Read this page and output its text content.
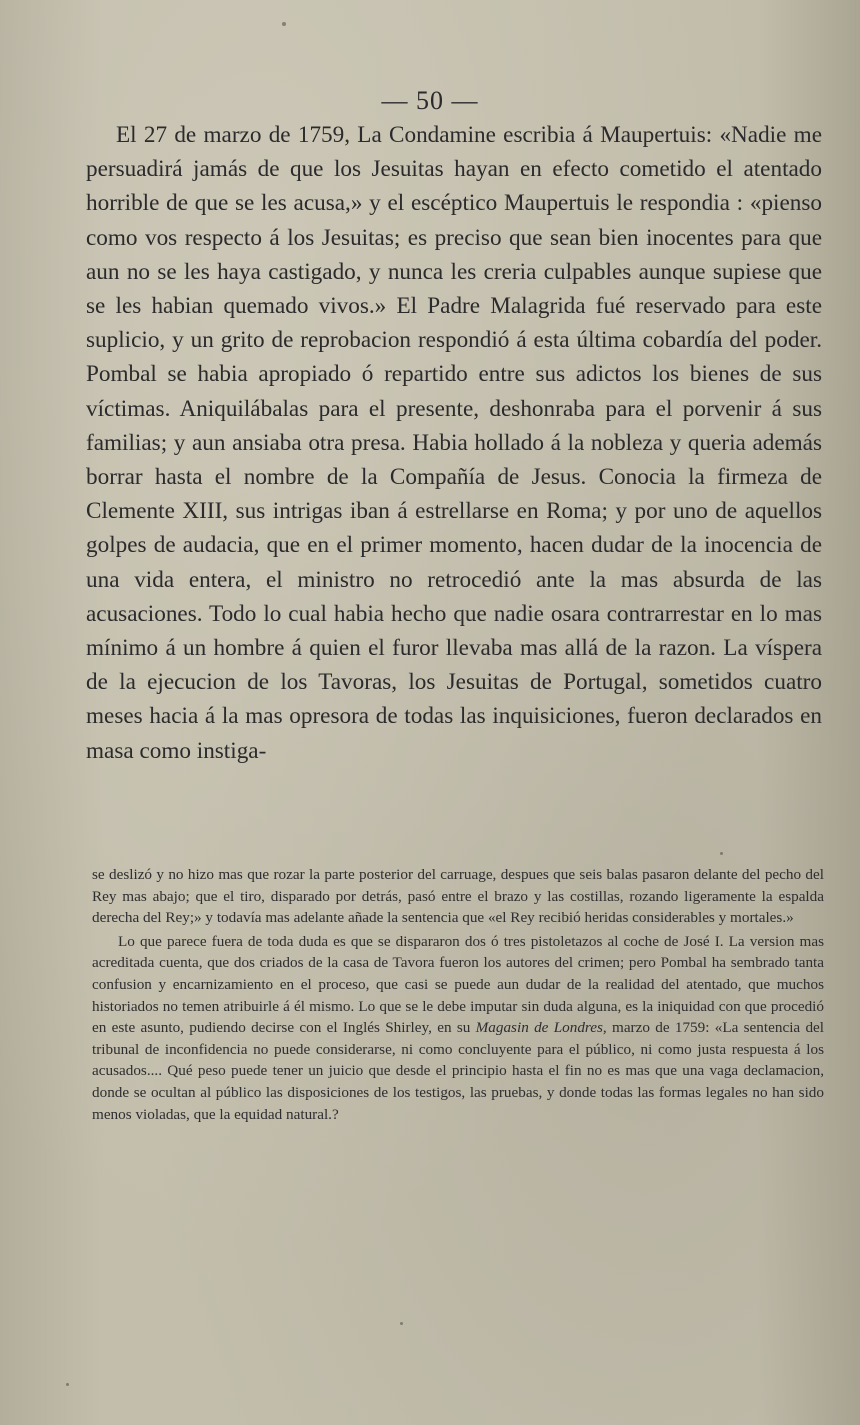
— 50 —

El 27 de marzo de 1759, La Condamine escribia á Maupertuis: «Nadie me persuadirá jamás de que los Jesuitas hayan en efecto cometido el atentado horrible de que se les acusa,» y el escéptico Maupertuis le respondia : «pienso como vos respecto á los Jesuitas; es preciso que sean bien inocentes para que aun no se les haya castigado, y nunca les creria culpables aunque supiese que se les habian quemado vivos.» El Padre Malagrida fué reservado para este suplicio, y un grito de reprobacion respondió á esta última cobardía del poder. Pombal se habia apropiado ó repartido entre sus adictos los bienes de sus víctimas. Aniquilábalas para el presente, deshonraba para el porvenir á sus familias; y aun ansiaba otra presa. Habia hollado á la nobleza y queria además borrar hasta el nombre de la Compañía de Jesus. Conocia la firmeza de Clemente XIII, sus intrigas iban á estrellarse en Roma; y por uno de aquellos golpes de audacia, que en el primer momento, hacen dudar de la inocencia de una vida entera, el ministro no retrocedió ante la mas absurda de las acusaciones. Todo lo cual habia hecho que nadie osara contrarrestar en lo mas mínimo á un hombre á quien el furor llevaba mas allá de la razon. La víspera de la ejecucion de los Tavoras, los Jesuitas de Portugal, sometidos cuatro meses hacia á la mas opresora de todas las inquisiciones, fueron declarados en masa como instiga-

se deslizó y no hizo mas que rozar la parte posterior del carruage, despues que seis balas pasaron delante del pecho del Rey mas abajo; que el tiro, disparado por detrás, pasó entre el brazo y las costillas, rozando ligeramente la espalda derecha del Rey;» y todavía mas adelante añade la sentencia que «el Rey recibió heridas considerables y mortales.»

Lo que parece fuera de toda duda es que se dispararon dos ó tres pistoletazos al coche de José I. La version mas acreditada cuenta, que dos criados de la casa de Tavora fueron los autores del crimen; pero Pombal ha sembrado tanta confusion y encarnizamiento en el proceso, que casi se puede aun dudar de la realidad del atentado, que muchos historiados no temen atribuirle á él mismo. Lo que se le debe imputar sin duda alguna, es la iniquidad con que procedió en este asunto, pudiendo decirse con el Inglés Shirley, en su Magasin de Londres, marzo de 1759: «La sentencia del tribunal de inconfidencia no puede considerarse, ni como concluyente para el público, ni como justa respuesta á los acusados.... Qué peso puede tener un juicio que desde el principio hasta el fin no es mas que una vaga declamacion, donde se ocultan al público las disposiciones de los testigos, las pruebas, y donde todas las formas legales no han sido menos violadas, que la equidad natural.?
